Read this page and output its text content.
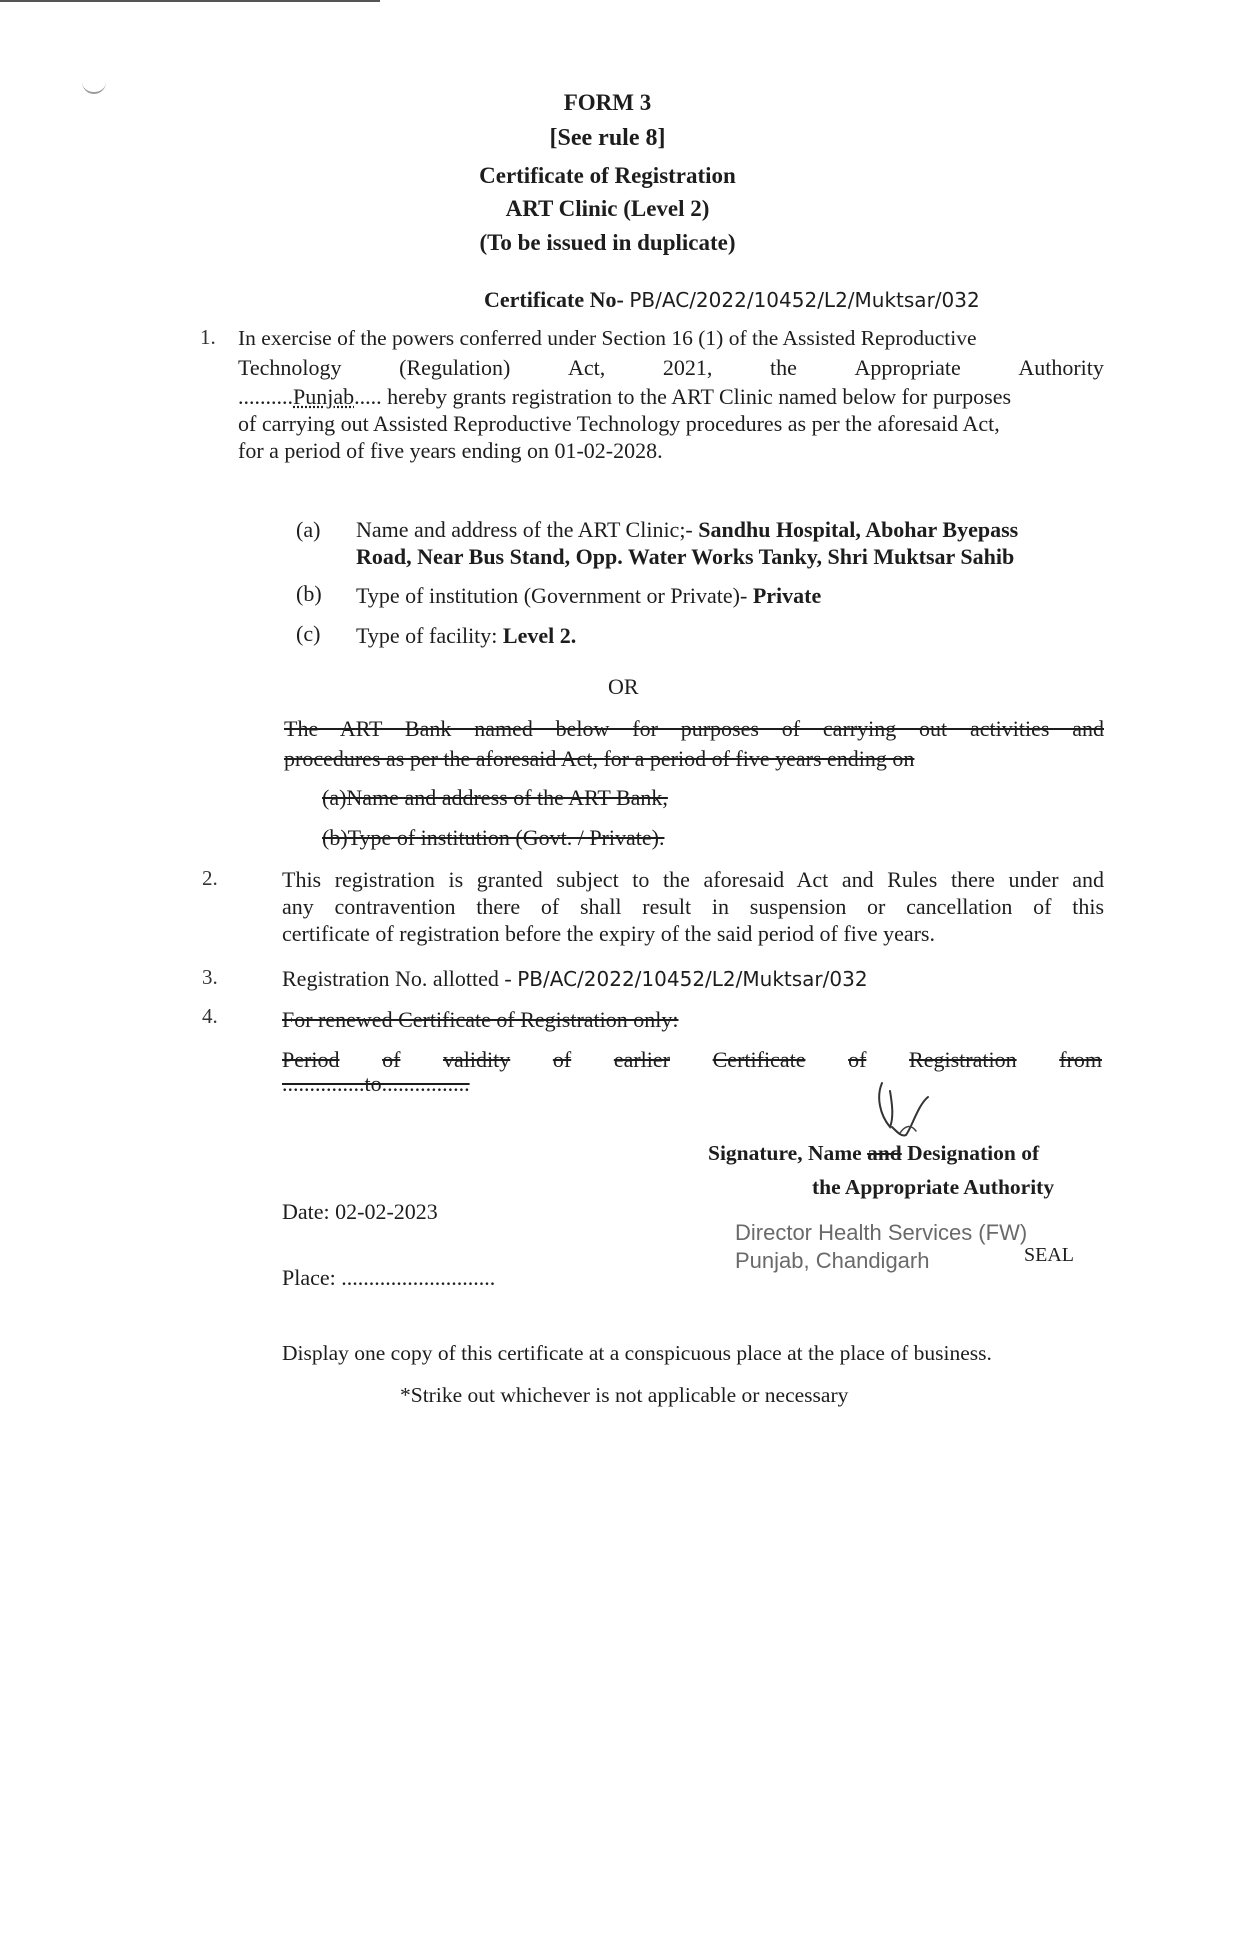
FORM 3
[See rule 8]
Certificate of Registration
ART Clinic (Level 2)
(To be issued in duplicate)
Certificate No- PB/AC/2022/10452/L2/Muktsar/032
1. In exercise of the powers conferred under Section 16 (1) of the Assisted Reproductive
Technology	(Regulation)	Act,	2021,	the	Appropriate	Authority
..........Punjab..... hereby grants registration to the ART Clinic named below for purposes
of carrying out Assisted Reproductive Technology procedures as per the aforesaid Act,
for a period of five years ending on 01-02-2028.
(a) Name and address of the ART Clinic;- Sandhu Hospital, Abohar Byepass
Road, Near Bus Stand, Opp. Water Works Tanky, Shri Muktsar Sahib
(b) Type of institution (Government or Private)- Private
(c) Type of facility: Level 2.
OR
The ART Bank named below for purposes of carrying out activities and
procedures as per the aforesaid Act, for a period of five years ending on
(a)Name and address of the ART Bank,
(b)Type of institution (Govt. / Private).
2.	This registration is granted subject to the aforesaid Act and Rules there under and
any contravention there of shall result in suspension or cancellation of this
certificate of registration before the expiry of the said period of five years.
3.	Registration No. allotted - PB/AC/2022/10452/L2/Muktsar/032
4.	For renewed Certificate of Registration only:
Period of validity of earlier Certificate of Registration from
...............to................
Signature, Name and Designation of
the Appropriate Authority
Date: 02-02-2023
Place: ............................
Director Health Services (FW)
Punjab, Chandigarh	SEAL
Display one copy of this certificate at a conspicuous place at the place of business.
*Strike out whichever is not applicable or necessary
